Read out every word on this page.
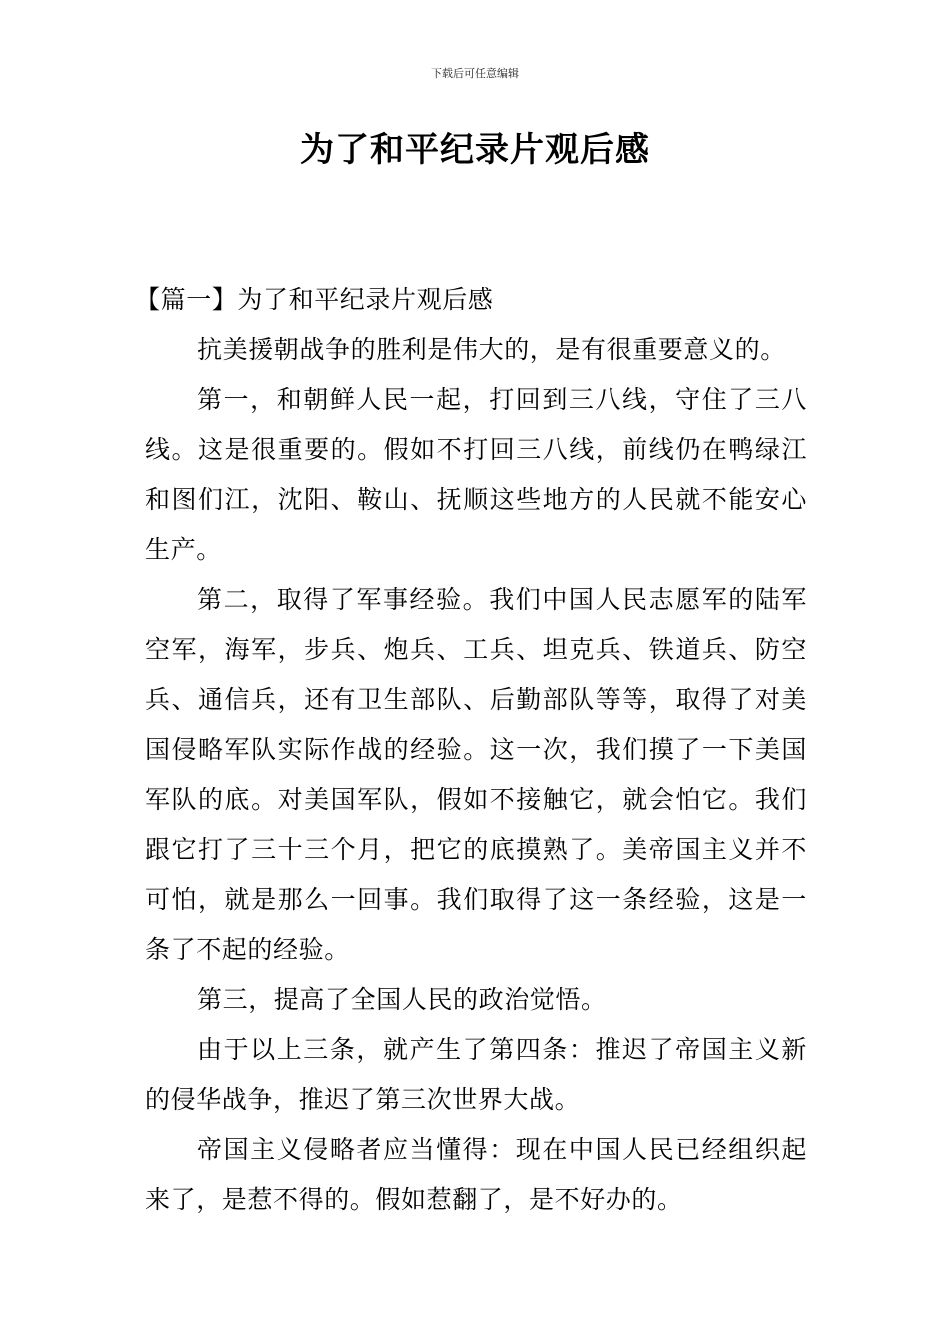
下载后可任意编辑
为了和平纪录片观后感

【篇一】为了和平纪录片观后感

抗美援朝战争的胜利是伟大的，是有很重要意义的。

第一，和朝鲜人民一起，打回到三八线，守住了三八线。这是很重要的。假如不打回三八线，前线仍在鸭绿江和图们江，沈阳、鞍山、抚顺这些地方的人民就不能安心生产。

第二，取得了军事经验。我们中国人民志愿军的陆军空军，海军，步兵、炮兵、工兵、坦克兵、铁道兵、防空兵、通信兵，还有卫生部队、后勤部队等等，取得了对美国侵略军队实际作战的经验。这一次，我们摸了一下美国军队的底。对美国军队，假如不接触它，就会怕它。我们跟它打了三十三个月，把它的底摸熟了。美帝国主义并不可怕，就是那么一回事。我们取得了这一条经验，这是一条了不起的经验。

第三，提高了全国人民的政治觉悟。

由于以上三条，就产生了第四条：推迟了帝国主义新的侵华战争，推迟了第三次世界大战。

帝国主义侵略者应当懂得：现在中国人民已经组织起来了，是惹不得的。假如惹翻了，是不好办的。
